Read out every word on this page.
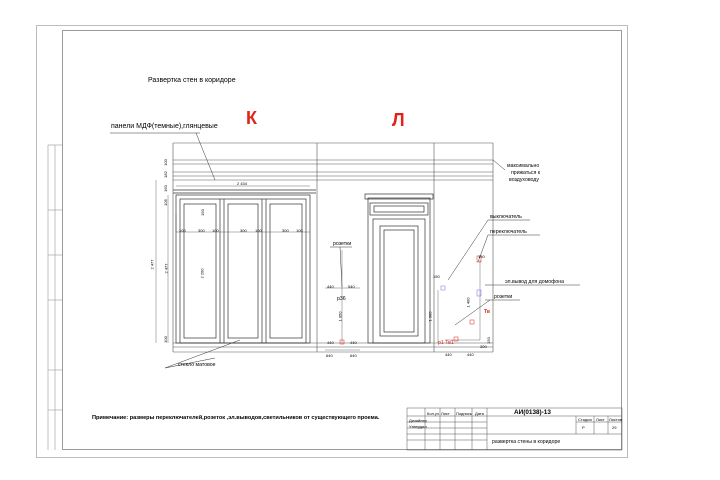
Развертка стен в коридоре
К	Л
панели МДФ(темные),глянцевые
максимально
прижаться к
воздуховоду
розетки
выключатель
переключатель
эл.вывод для домофона
розетки
стекло матовое
р36
Тв
р1 Тв1
2 434
100	300 100	300 100	300 100
2 200
150
2 477 2 477
100
100
182
160
105
1 050
440	540
440	440
640	640
1 300
150
1 400
150
440	440
300
150
Примечание: размеры переключателей,розеток ,эл.выводов,светильников от существующего проема.
АИ(0138)-13
Кол.уч Лист Подпись Дата
Дизайнер
Утвердил
Стадия Лист Листов
Р	29
развертка стены в коридоре
